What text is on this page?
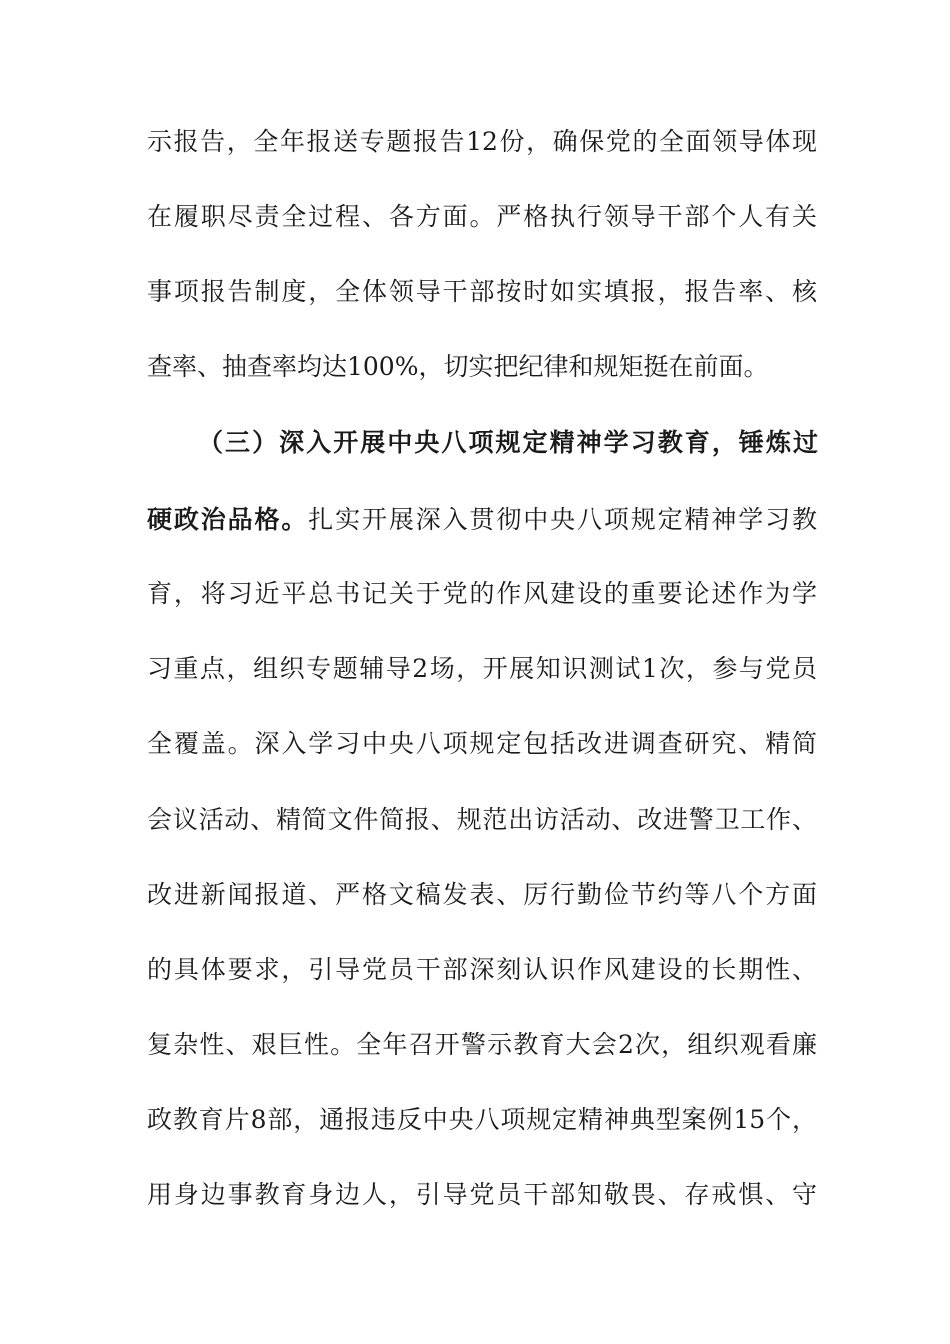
示报告，全年报送专题报告12份，确保党的全面领导体现
在履职尽责全过程、各方面。严格执行领导干部个人有关
事项报告制度，全体领导干部按时如实填报，报告率、核
查率、抽查率均达100%，切实把纪律和规矩挺在前面。
（三）深入开展中央八项规定精神学习教育，锤炼过
硬政治品格。扎实开展深入贯彻中央八项规定精神学习教
育，将习近平总书记关于党的作风建设的重要论述作为学
习重点，组织专题辅导2场，开展知识测试1次，参与党员
全覆盖。深入学习中央八项规定包括改进调查研究、精简
会议活动、精简文件简报、规范出访活动、改进警卫工作、
改进新闻报道、严格文稿发表、厉行勤俭节约等八个方面
的具体要求，引导党员干部深刻认识作风建设的长期性、
复杂性、艰巨性。全年召开警示教育大会2次，组织观看廉
政教育片8部，通报违反中央八项规定精神典型案例15个，
用身边事教育身边人，引导党员干部知敬畏、存戒惧、守
